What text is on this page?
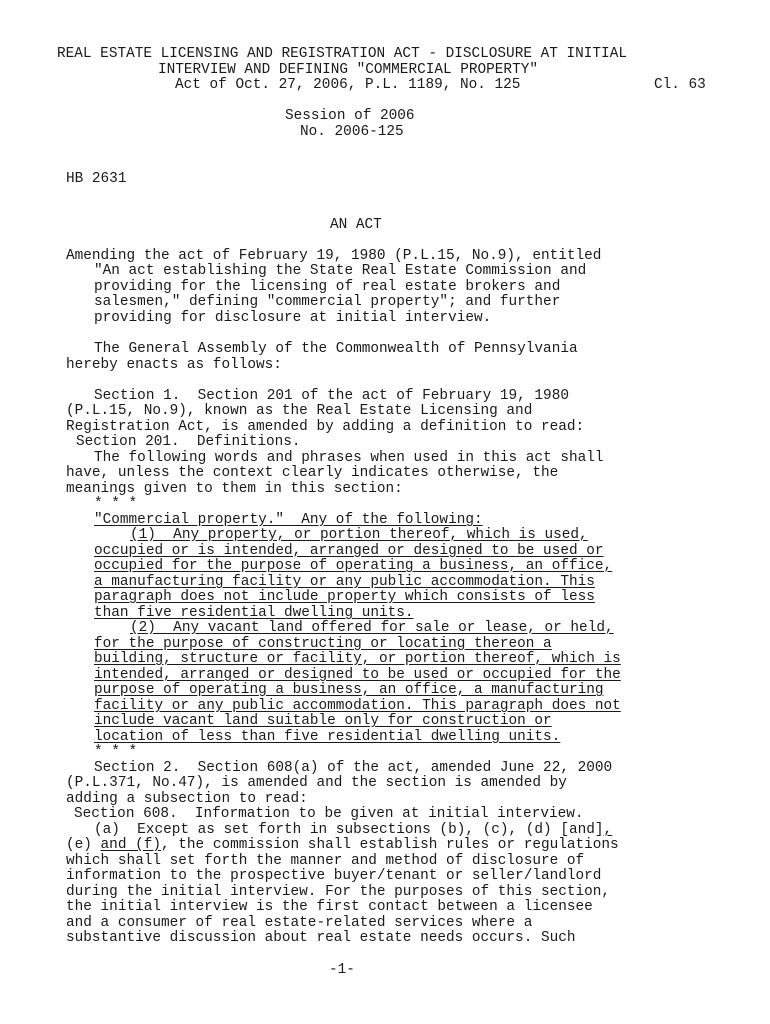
REAL ESTATE LICENSING AND REGISTRATION ACT - DISCLOSURE AT INITIAL
INTERVIEW AND DEFINING "COMMERCIAL PROPERTY"
Act of Oct. 27, 2006, P.L. 1189, No. 125	Cl. 63
Session of 2006
No. 2006-125
HB 2631
AN ACT
Amending the act of February 19, 1980 (P.L.15, No.9), entitled
"An act establishing the State Real Estate Commission and
providing for the licensing of real estate brokers and
salesmen," defining "commercial property"; and further
providing for disclosure at initial interview.
The General Assembly of the Commonwealth of Pennsylvania
hereby enacts as follows:
Section 1.  Section 201 of the act of February 19, 1980
(P.L.15, No.9), known as the Real Estate Licensing and
Registration Act, is amended by adding a definition to read:
Section 201.  Definitions.
The following words and phrases when used in this act shall
have, unless the context clearly indicates otherwise, the
meanings given to them in this section:
* * *
"Commercial property."  Any of the following:
(1)  Any property, or portion thereof, which is used,
occupied or is intended, arranged or designed to be used or
occupied for the purpose of operating a business, an office,
a manufacturing facility or any public accommodation. This
paragraph does not include property which consists of less
than five residential dwelling units.
(2)  Any vacant land offered for sale or lease, or held,
for the purpose of constructing or locating thereon a
building, structure or facility, or portion thereof, which is
intended, arranged or designed to be used or occupied for the
purpose of operating a business, an office, a manufacturing
facility or any public accommodation. This paragraph does not
include vacant land suitable only for construction or
location of less than five residential dwelling units.
* * *
Section 2.  Section 608(a) of the act, amended June 22, 2000
(P.L.371, No.47), is amended and the section is amended by
adding a subsection to read:
Section 608.  Information to be given at initial interview.
(a)  Except as set forth in subsections (b), (c), (d) [and],
(e) and (f), the commission shall establish rules or regulations
which shall set forth the manner and method of disclosure of
information to the prospective buyer/tenant or seller/landlord
during the initial interview. For the purposes of this section,
the initial interview is the first contact between a licensee
and a consumer of real estate-related services where a
substantive discussion about real estate needs occurs. Such
-1-
